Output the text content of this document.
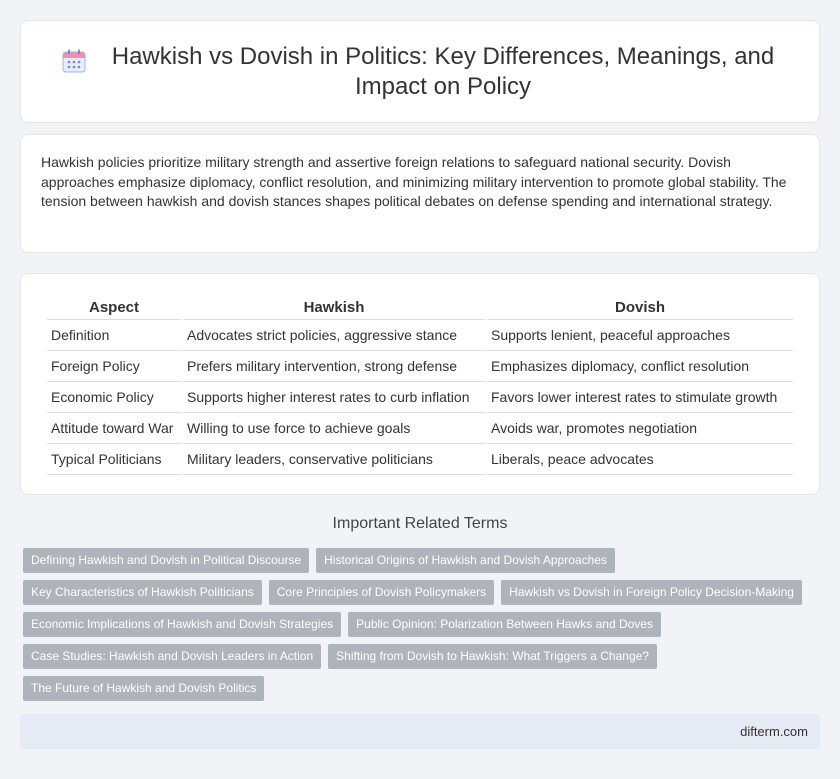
Hawkish vs Dovish in Politics: Key Differences, Meanings, and Impact on Policy

Hawkish policies prioritize military strength and assertive foreign relations to safeguard national security. Dovish approaches emphasize diplomacy, conflict resolution, and minimizing military intervention to promote global stability. The tension between hawkish and dovish stances shapes political debates on defense spending and international strategy.

Aspect	Hawkish	Dovish
Definition	Advocates strict policies, aggressive stance	Supports lenient, peaceful approaches
Foreign Policy	Prefers military intervention, strong defense	Emphasizes diplomacy, conflict resolution
Economic Policy	Supports higher interest rates to curb inflation	Favors lower interest rates to stimulate growth
Attitude toward War	Willing to use force to achieve goals	Avoids war, promotes negotiation
Typical Politicians	Military leaders, conservative politicians	Liberals, peace advocates
Important Related Terms
Defining Hawkish and Dovish in Political Discourse	Historical Origins of Hawkish and Dovish Approaches
Key Characteristics of Hawkish Politicians	Core Principles of Dovish Policymakers	Hawkish vs Dovish in Foreign Policy Decision-Making
Economic Implications of Hawkish and Dovish Strategies	Public Opinion: Polarization Between Hawks and Doves
Case Studies: Hawkish and Dovish Leaders in Action	Shifting from Dovish to Hawkish: What Triggers a Change?
The Future of Hawkish and Dovish Politics
difterm.com
